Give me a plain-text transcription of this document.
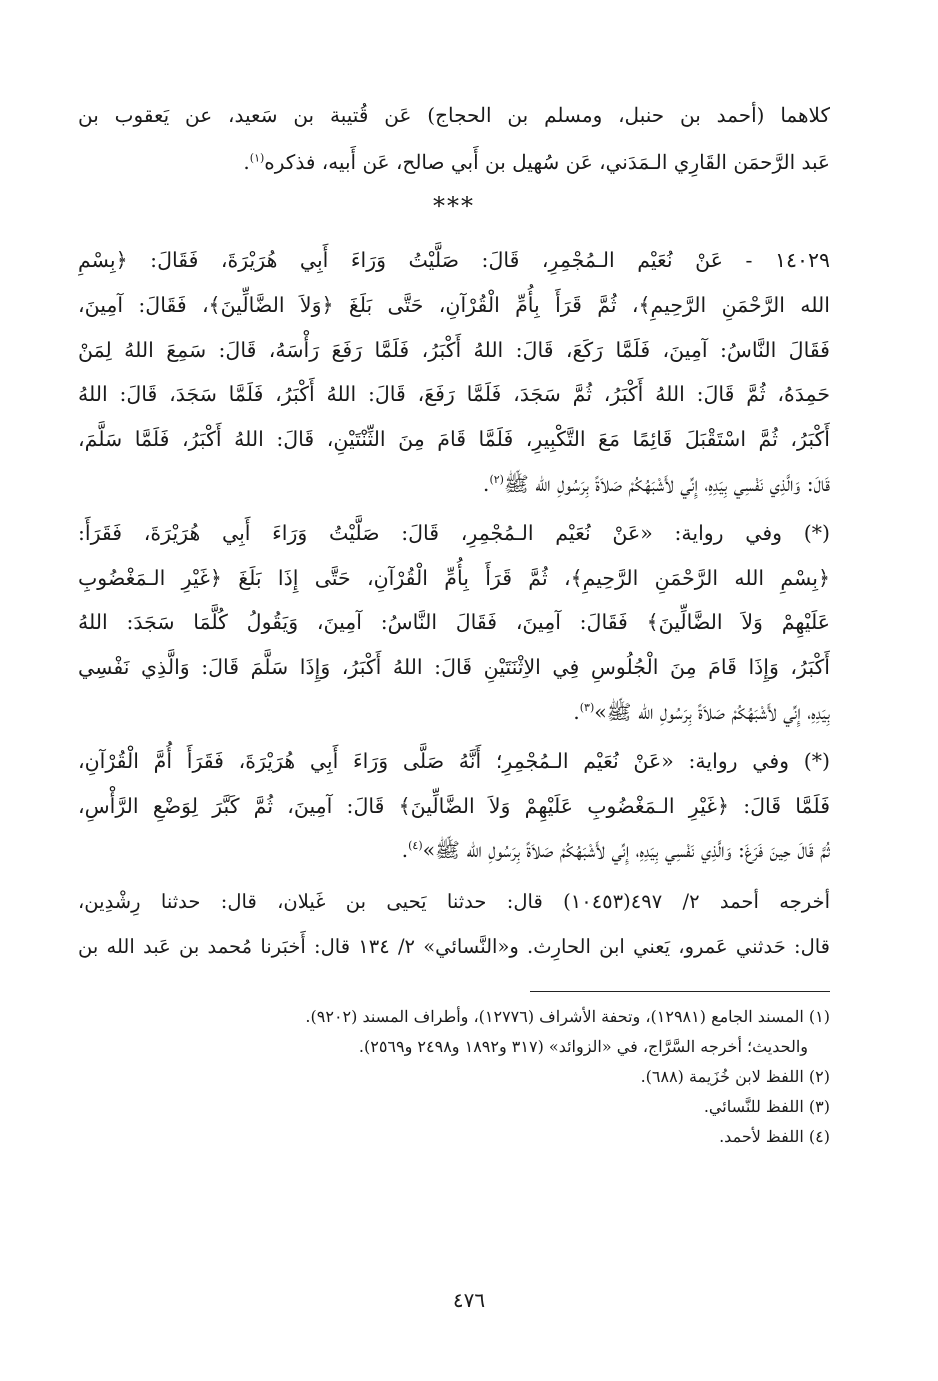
كلاهما (أحمد بن حنبل، ومسلم بن الحجاج) عَن قُتيبة بن سَعيد، عن يَعقوب بن
عَبد الرَّحمَن القَارِي الـمَدَني، عَن سُهيل بن أَبي صالح، عَن أَبيه، فذكره$^{(١)}$.
***
١٤٠٢٩ - عَنْ نُعَيْم الـمُجْمِرِ، قَالَ: صَلَّيْتُ وَرَاءَ أَبِي هُرَيْرَةَ، فَقَالَ: ﴿بِسْمِ
الله الرَّحْمَنِ الرَّحِيمِ﴾، ثُمَّ قَرَأَ بِأُمِّ الْقُرْآنِ، حَتَّى بَلَغَ ﴿وَلاَ الضَّالِّينَ﴾، فَقَالَ: آمِينَ،
فَقَالَ النَّاسُ: آمِينَ، فَلَمَّا رَكَعَ، قَالَ: اللهُ أَكْبَرُ، فَلَمَّا رَفَعَ رَأْسَهُ، قَالَ: سَمِعَ اللهُ لِمَنْ
حَمِدَهُ، ثُمَّ قَالَ: اللهُ أَكْبَرُ، ثُمَّ سَجَدَ، فَلَمَّا رَفَعَ، قَالَ: اللهُ أَكْبَرُ، فَلَمَّا سَجَدَ، قَالَ: اللهُ
أَكْبَرُ، ثُمَّ اسْتَقْبَلَ قَائِمًا مَعَ التَّكْبِيرِ، فَلَمَّا قَامَ مِنَ الثِّنْتَيْنِ، قَالَ: اللهُ أَكْبَرُ، فَلَمَّا سَلَّمَ،
قَالَ: وَالَّذِي نَفْسِي بِيَدِهِ، إِنِّي لأَشْبَهُكُمْ صَلاَةً بِرَسُولِ الله ﷺ$^{(٢)}$.
(*) وفي رواية: «عَنْ نُعَيْم الـمُجْمِرِ، قَالَ: صَلَّيْتُ وَرَاءَ أَبِي هُرَيْرَةَ، فَقَرَأَ:
﴿بِسْمِ الله الرَّحْمَنِ الرَّحِيمِ﴾، ثُمَّ قَرَأَ بِأُمِّ الْقُرْآنِ، حَتَّى إِذَا بَلَغَ ﴿غَيْرِ الـمَغْضُوبِ
عَلَيْهِمْ وَلاَ الضَّالِّينَ﴾ فَقَالَ: آمِينَ، فَقَالَ النَّاسُ: آمِينَ، وَيَقُولُ كُلَّمَا سَجَدَ: اللهُ
أَكْبَرُ، وَإِذَا قَامَ مِنَ الْجُلُوسِ فِي الاِثْنَتَيْنِ قَالَ: اللهُ أَكْبَرُ، وَإِذَا سَلَّمَ قَالَ: وَالَّذِي نَفْسِي
بِيَدِهِ، إِنِّي لأَشْبَهُكُمْ صَلاَةً بِرَسُولِ الله ﷺ»$^{(٣)}$.
(*) وفي رواية: «عَنْ نُعَيْم الـمُجْمِرِ؛ أَنَّهُ صَلَّى وَرَاءَ أَبِي هُرَيْرَةَ، فَقَرَأَ أُمَّ الْقُرْآنِ،
فَلَمَّا قَالَ: ﴿غَيْرِ الـمَغْضُوبِ عَلَيْهِمْ وَلاَ الضَّالِّينَ﴾ قَالَ: آمِينَ، ثُمَّ كَبَّرَ لِوَضْعِ الرَّأْسِ،
ثُمَّ قَالَ حِينَ فَرَغَ: وَالَّذِي نَفْسِي بِيَدِهِ، إِنِّي لأَشْبَهُكُمْ صَلاَةً بِرَسُولِ الله ﷺ»$^{(٤)}$.
أخرجه أحمد ٢/ ٤٩٧(١٠٤٥٣) قال: حدثنا يَحيى بن غَيلان، قال: حدثنا رِشْدِين،
قال: حَدثني عَمرو، يَعني ابن الحارِث. و«النَّسائي» ٢/ ١٣٤ قال: أَخبَرنا مُحمد بن عَبد الله بن
(١) المسند الجامع (١٢٩٨١)، وتحفة الأشراف (١٢٧٧٦)، وأطراف المسند (٩٢٠٢).
والحديث؛ أخرجه السَّرَّاج، في «الزوائد» (٣١٧ و١٨٩٢ و٢٤٩٨ و٢٥٦٩).
(٢) اللفظ لابن خُزَيمة (٦٨٨).
(٣) اللفظ للنَّسائي.
(٤) اللفظ لأحمد.
٤٧٦
